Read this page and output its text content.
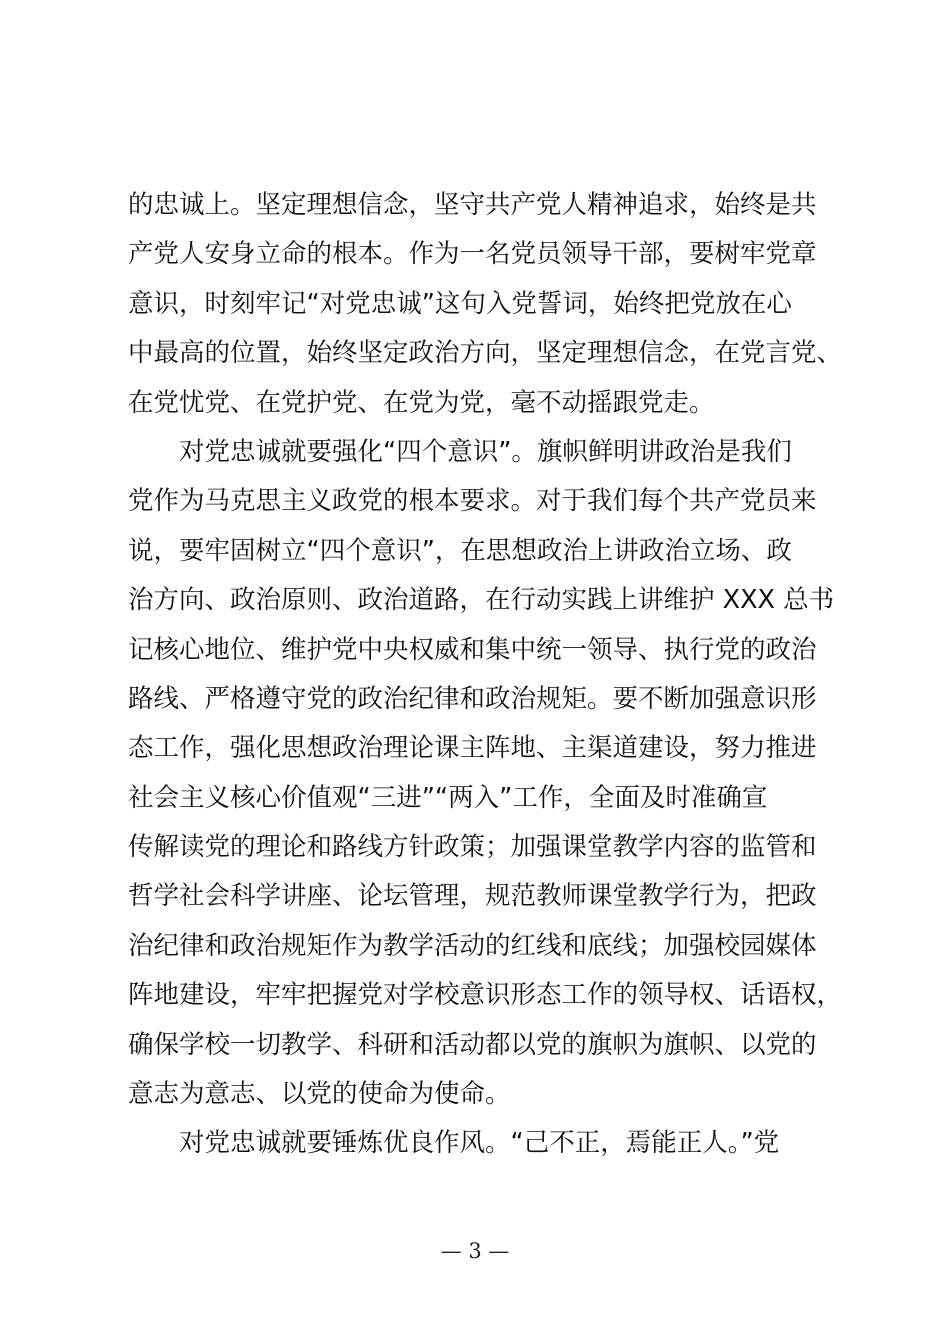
的忠诚上。坚定理想信念，坚守共产党人精神追求，始终是共
产党人安身立命的根本。作为一名党员领导干部，要树牢党章
意识，时刻牢记“对党忠诚”这句入党誓词，始终把党放在心
中最高的位置，始终坚定政治方向，坚定理想信念，在党言党、
在党忧党、在党护党、在党为党，毫不动摇跟党走。
对党忠诚就要强化“四个意识”。旗帜鲜明讲政治是我们
党作为马克思主义政党的根本要求。对于我们每个共产党员来
说，要牢固树立“四个意识”，在思想政治上讲政治立场、政
治方向、政治原则、政治道路，在行动实践上讲维护 XXX 总书
记核心地位、维护党中央权威和集中统一领导、执行党的政治
路线、严格遵守党的政治纪律和政治规矩。要不断加强意识形
态工作，强化思想政治理论课主阵地、主渠道建设，努力推进
社会主义核心价值观“三进”“两入”工作，全面及时准确宣
传解读党的理论和路线方针政策；加强课堂教学内容的监管和
哲学社会科学讲座、论坛管理，规范教师课堂教学行为，把政
治纪律和政治规矩作为教学活动的红线和底线；加强校园媒体
阵地建设，牢牢把握党对学校意识形态工作的领导权、话语权，
确保学校一切教学、科研和活动都以党的旗帜为旗帜、以党的
意志为意志、以党的使命为使命。
对党忠诚就要锤炼优良作风。“己不正，焉能正人。”党
— 3 —
